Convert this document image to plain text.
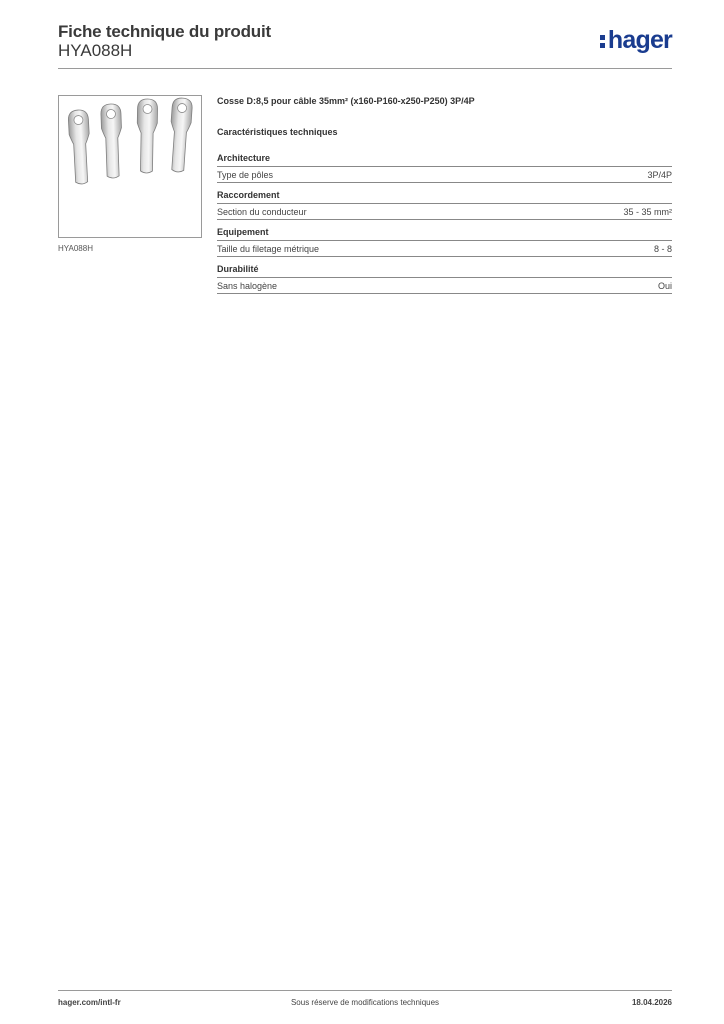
Fiche technique du produit
HYA088H	hager
HYA088H
Cosse D:8,5 pour câble 35mm² (x160-P160-x250-P250) 3P/4P
Caractéristiques techniques
Architecture
Type de pôles	3P/4P
Raccordement
Section du conducteur	35 - 35 mm²
Equipement
Taille du filetage métrique	8 - 8
Durabilité
Sans halogène	Oui
hager.com/intl-fr	Sous réserve de modifications techniques	18.04.2026
